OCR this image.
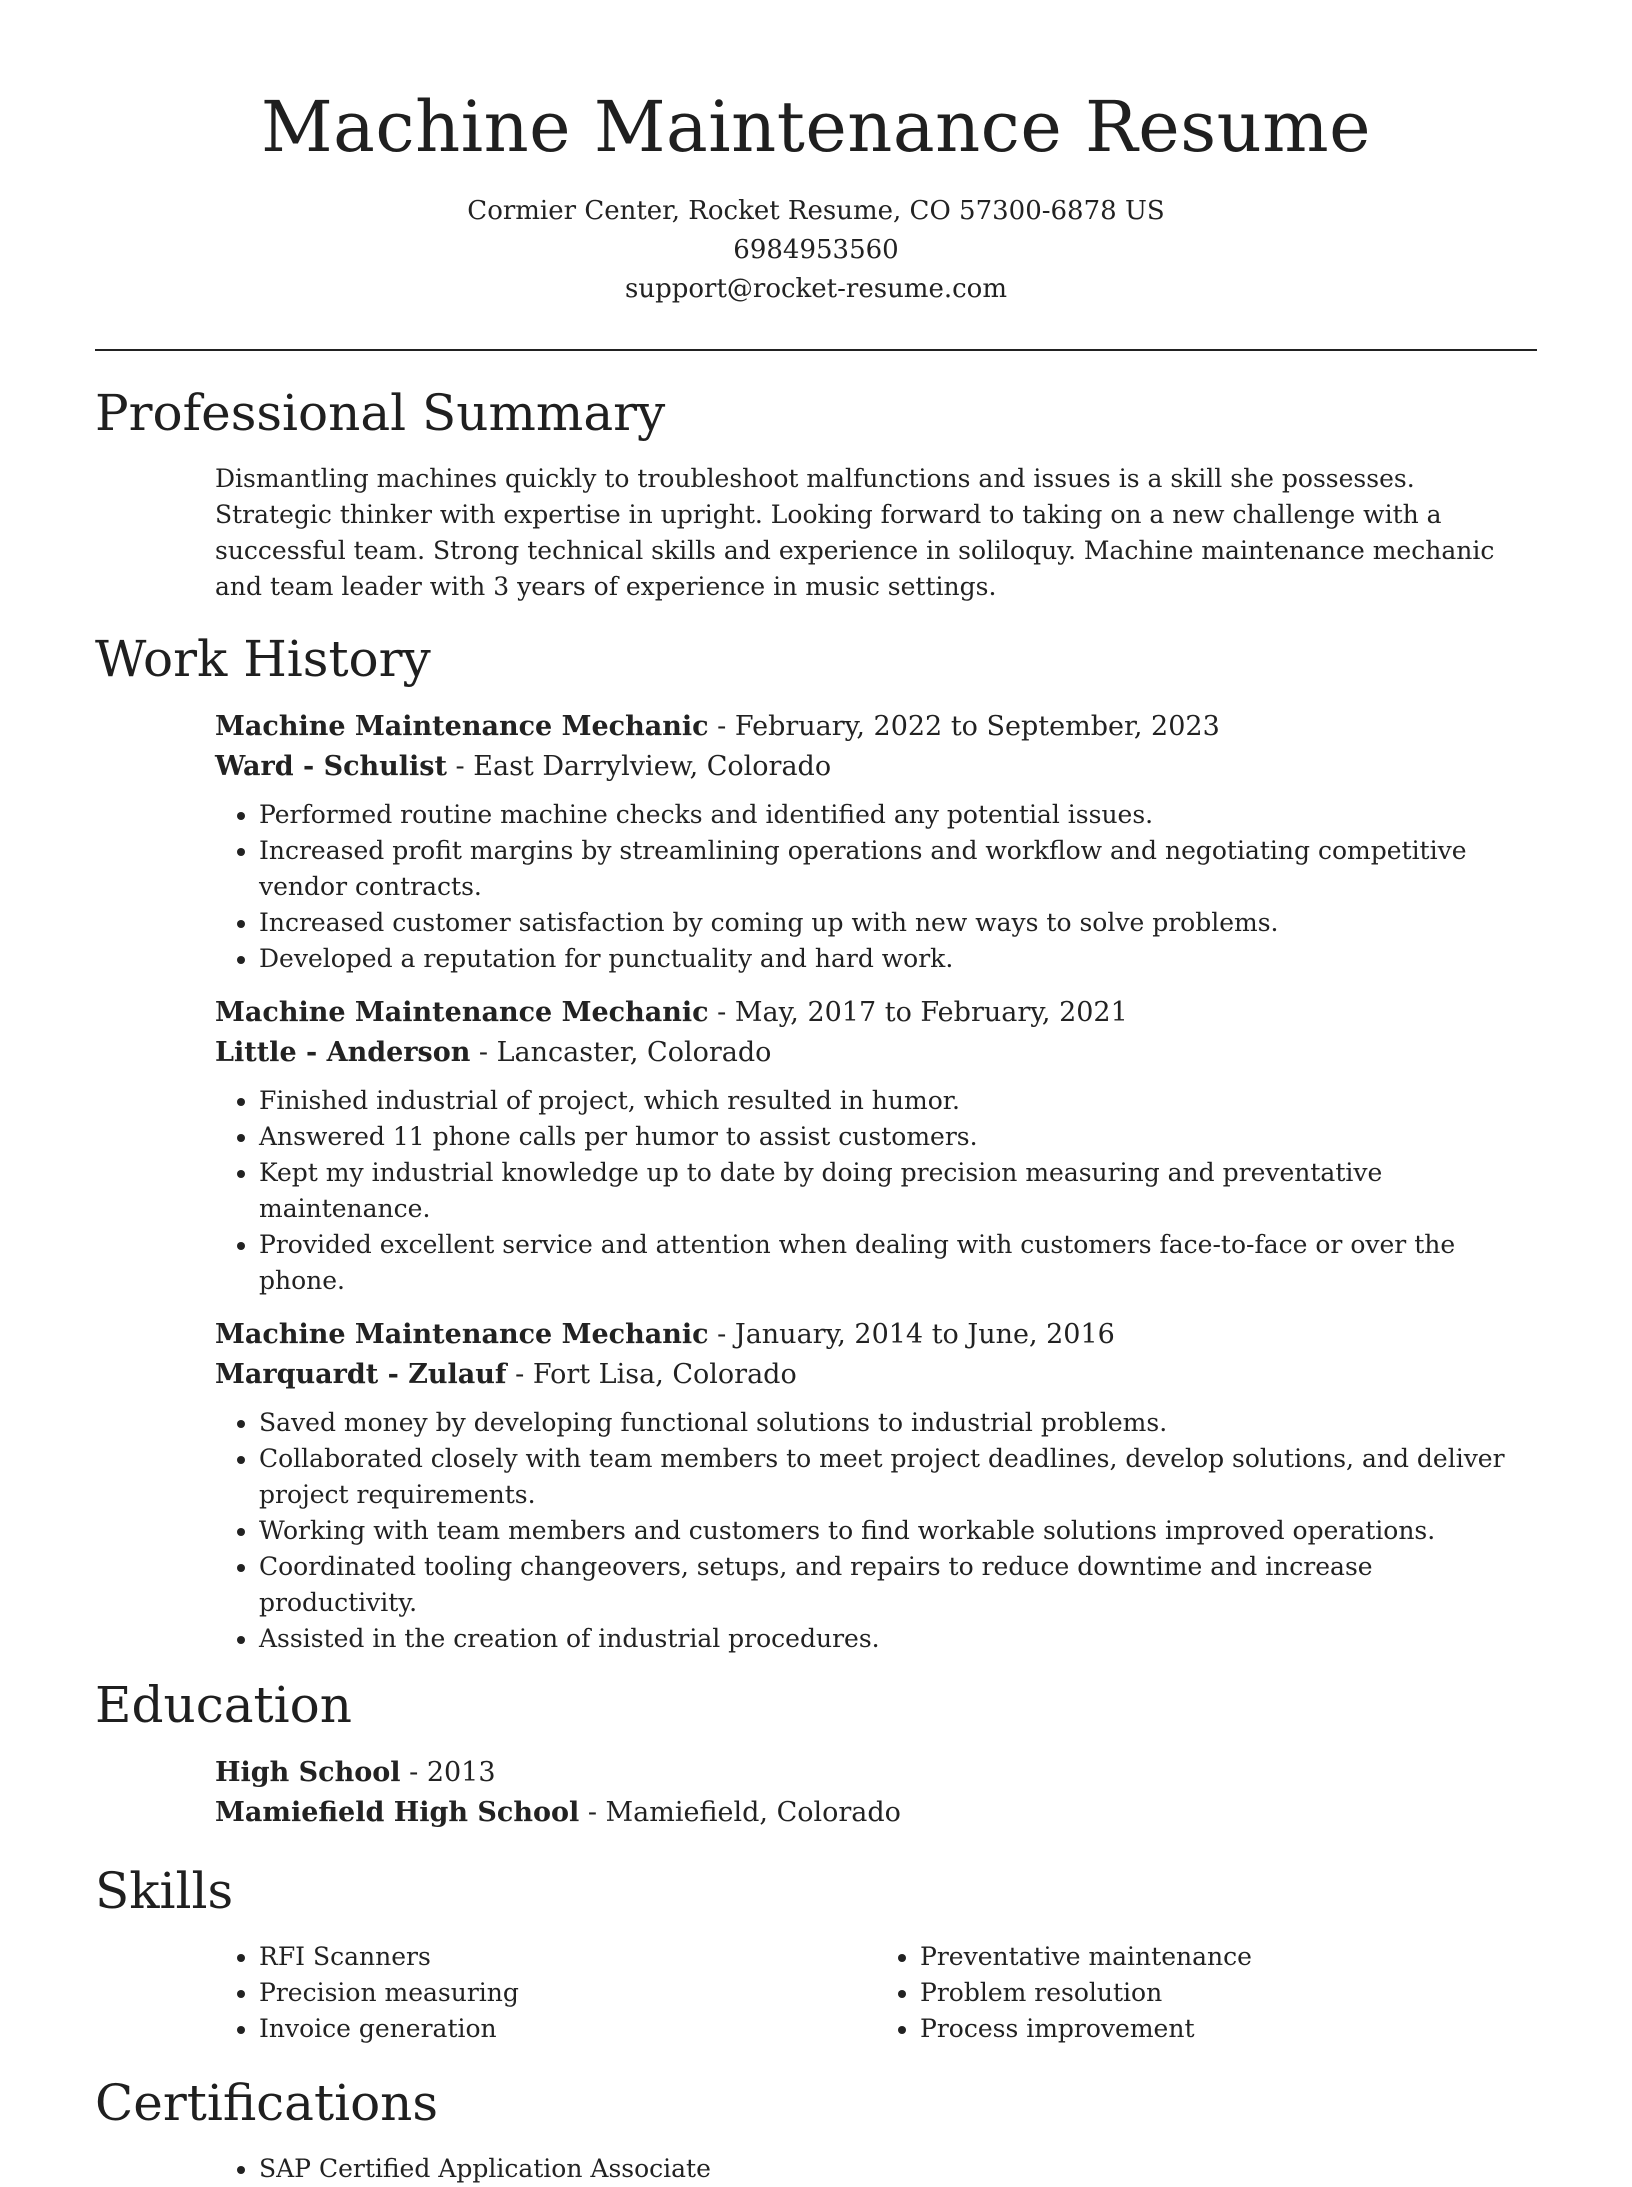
Machine Maintenance Resume

Cormier Center, Rocket Resume, CO 57300-6878 US

6984953560

support@rocket-resume.com

Professional Summary

Dismantling machines quickly to troubleshoot malfunctions and issues is a skill she possesses. Strategic thinker with expertise in upright. Looking forward to taking on a new challenge with a successful team. Strong technical skills and experience in soliloquy. Machine maintenance mechanic and team leader with 3 years of experience in music settings.

Work History

Machine Maintenance Mechanic - February, 2022 to September, 2023

Ward - Schulist - East Darrylview, Colorado

• Performed routine machine checks and identified any potential issues.
• Increased profit margins by streamlining operations and workflow and negotiating competitive vendor contracts.
• Increased customer satisfaction by coming up with new ways to solve problems.
• Developed a reputation for punctuality and hard work.

Machine Maintenance Mechanic - May, 2017 to February, 2021

Little - Anderson - Lancaster, Colorado

• Finished industrial of project, which resulted in humor.
• Answered 11 phone calls per humor to assist customers.
• Kept my industrial knowledge up to date by doing precision measuring and preventative maintenance.
• Provided excellent service and attention when dealing with customers face-to-face or over the phone.

Machine Maintenance Mechanic - January, 2014 to June, 2016

Marquardt - Zulauf - Fort Lisa, Colorado

• Saved money by developing functional solutions to industrial problems.
• Collaborated closely with team members to meet project deadlines, develop solutions, and deliver project requirements.
• Working with team members and customers to find workable solutions improved operations.
• Coordinated tooling changeovers, setups, and repairs to reduce downtime and increase productivity.
• Assisted in the creation of industrial procedures.
Education

High School - 2013

Mamiefield High School - Mamiefield, Colorado

Skills
• RFI Scanners
• Precision measuring
• Invoice generation
• Preventative maintenance
• Problem resolution
• Process improvement
Certifications
• SAP Certified Application Associate
